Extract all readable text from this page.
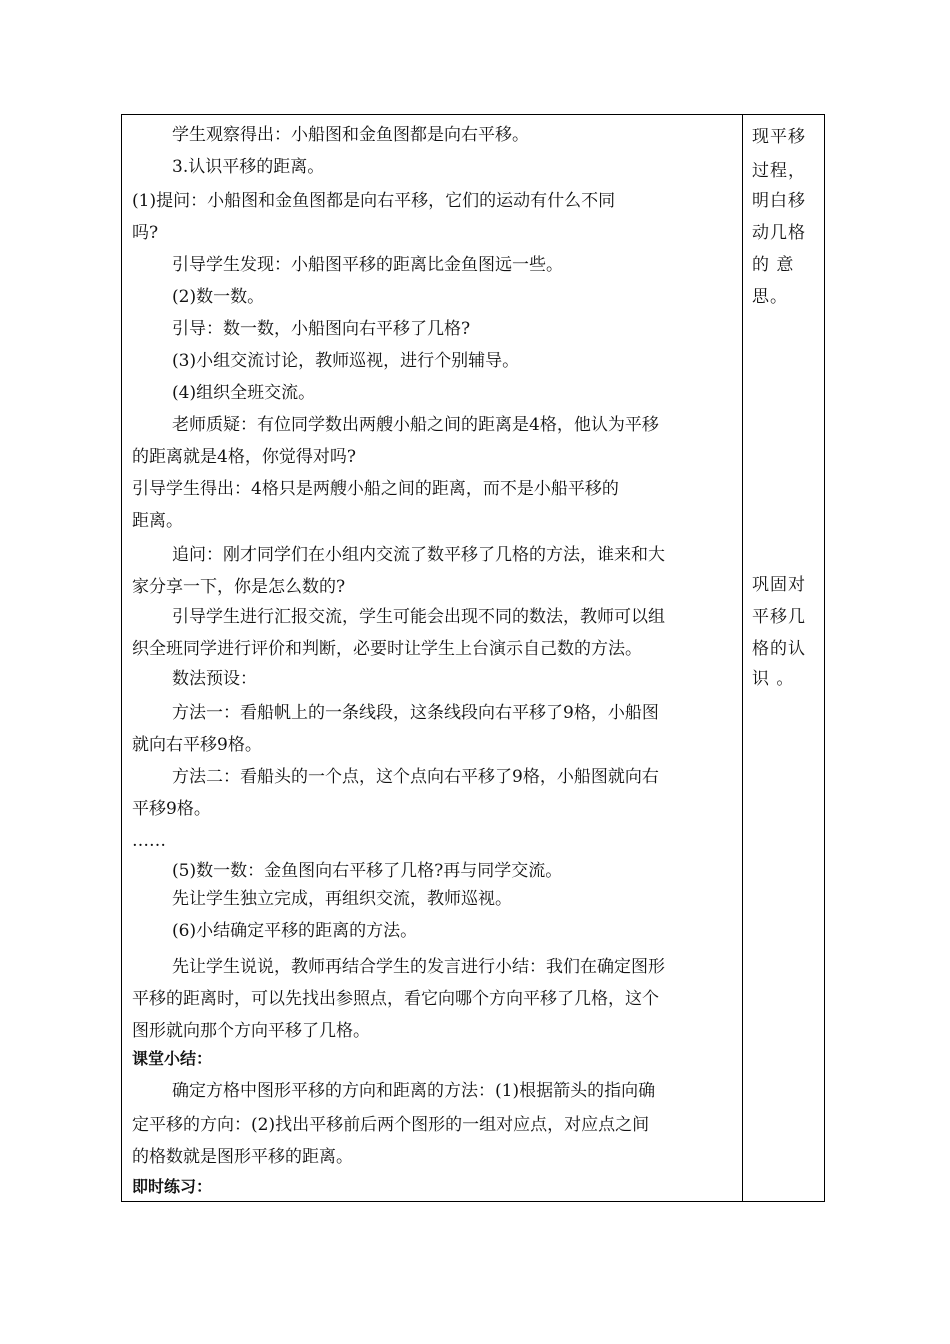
学生观察得出：小船图和金鱼图都是向右平移。
3.认识平移的距离。
(1)提问：小船图和金鱼图都是向右平移，它们的运动有什么不同
吗?
引导学生发现：小船图平移的距离比金鱼图远一些。
(2)数一数。
引导：数一数，小船图向右平移了几格?
(3)小组交流讨论，教师巡视，进行个别辅导。
(4)组织全班交流。
老师质疑：有位同学数出两艘小船之间的距离是4格，他认为平移
的距离就是4格，你觉得对吗?
引导学生得出：4格只是两艘小船之间的距离，而不是小船平移的
距离。
追问：刚才同学们在小组内交流了数平移了几格的方法，谁来和大
家分享一下，你是怎么数的?
引导学生进行汇报交流，学生可能会出现不同的数法，教师可以组
织全班同学进行评价和判断，必要时让学生上台演示自己数的方法。
数法预设：
方法一：看船帆上的一条线段，这条线段向右平移了9格，小船图
就向右平移9格。
方法二：看船头的一个点，这个点向右平移了9格，小船图就向右
平移9格。
……
(5)数一数：金鱼图向右平移了几格?再与同学交流。
先让学生独立完成，再组织交流，教师巡视。
(6)小结确定平移的距离的方法。
先让学生说说，教师再结合学生的发言进行小结：我们在确定图形
平移的距离时，可以先找出参照点，看它向哪个方向平移了几格，这个
图形就向那个方向平移了几格。
课堂小结：
确定方格中图形平移的方向和距离的方法：(1)根据箭头的指向确
定平移的方向：(2)找出平移前后两个图形的一组对应点，对应点之间
的格数就是图形平移的距离。
即时练习：
现平移
过程，
明白移
动几格
的 意
思。
巩固对
平移几
格的认
识 。
